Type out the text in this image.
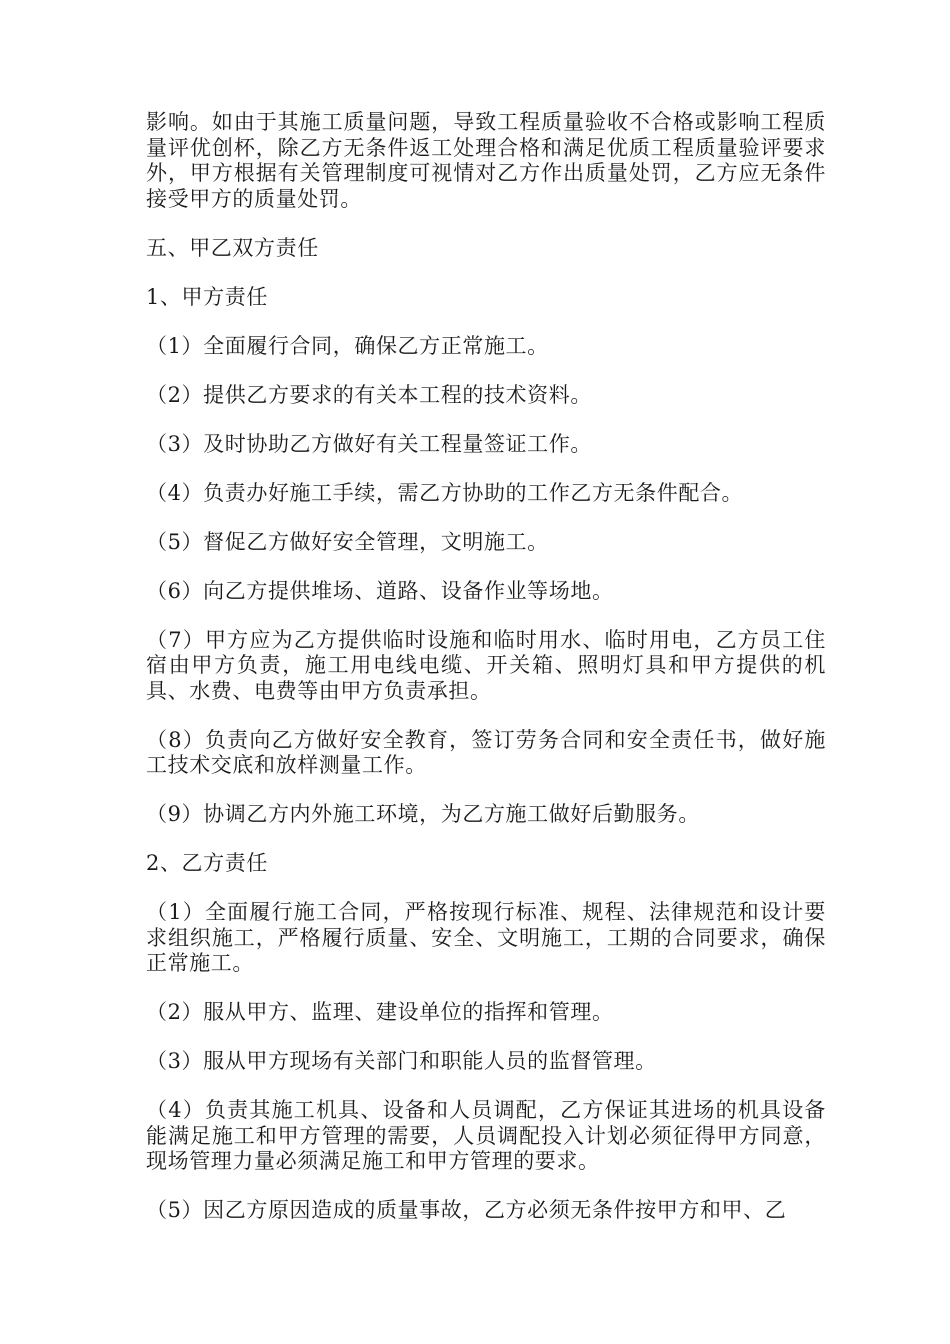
影响。如由于其施工质量问题，导致工程质量验收不合格或影响工程质量评优创杯，除乙方无条件返工处理合格和满足优质工程质量验评要求外，甲方根据有关管理制度可视情对乙方作出质量处罚，乙方应无条件接受甲方的质量处罚。

五、甲乙双方责任

1、甲方责任

（1）全面履行合同，确保乙方正常施工。

（2）提供乙方要求的有关本工程的技术资料。

（3）及时协助乙方做好有关工程量签证工作。

（4）负责办好施工手续，需乙方协助的工作乙方无条件配合。

（5）督促乙方做好安全管理，文明施工。

（6）向乙方提供堆场、道路、设备作业等场地。

（7）甲方应为乙方提供临时设施和临时用水、临时用电，乙方员工住宿由甲方负责，施工用电线电缆、开关箱、照明灯具和甲方提供的机具、水费、电费等由甲方负责承担。

（8）负责向乙方做好安全教育，签订劳务合同和安全责任书，做好施工技术交底和放样测量工作。

（9）协调乙方内外施工环境，为乙方施工做好后勤服务。

2、乙方责任

（1）全面履行施工合同，严格按现行标准、规程、法律规范和设计要求组织施工，严格履行质量、安全、文明施工，工期的合同要求，确保正常施工。

（2）服从甲方、监理、建设单位的指挥和管理。

（3）服从甲方现场有关部门和职能人员的监督管理。

（4）负责其施工机具、设备和人员调配，乙方保证其进场的机具设备能满足施工和甲方管理的需要，人员调配投入计划必须征得甲方同意，现场管理力量必须满足施工和甲方管理的要求。

（5）因乙方原因造成的质量事故，乙方必须无条件按甲方和甲、乙
